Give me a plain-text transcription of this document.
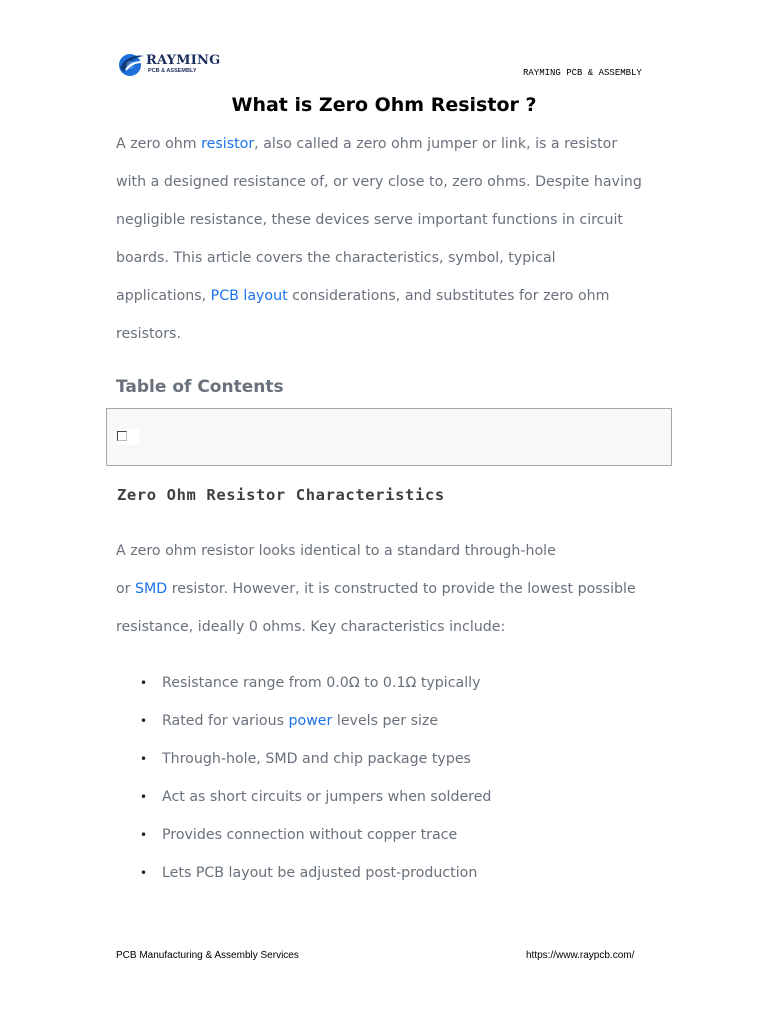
RAYMING
PCB & ASSEMBLY	RAYMING PCB & ASSEMBLY
What is Zero Ohm Resistor ?

A zero ohm resistor, also called a zero ohm jumper or link, is a resistor
with a designed resistance of, or very close to, zero ohms. Despite having
negligible resistance, these devices serve important functions in circuit
boards. This article covers the characteristics, symbol, typical
applications, PCB layout considerations, and substitutes for zero ohm
resistors.

Table of Contents
Zero Ohm Resistor Characteristics

A zero ohm resistor looks identical to a standard through-hole
or SMD resistor. However, it is constructed to provide the lowest possible
resistance, ideally 0 ohms. Key characteristics include:

• Resistance range from 0.0Ω to 0.1Ω typically
• Rated for various power levels per size
• Through-hole, SMD and chip package types
• Act as short circuits or jumpers when soldered
• Provides connection without copper trace
• Lets PCB layout be adjusted post-production
PCB Manufacturing & Assembly Services	https://www.raypcb.com/
